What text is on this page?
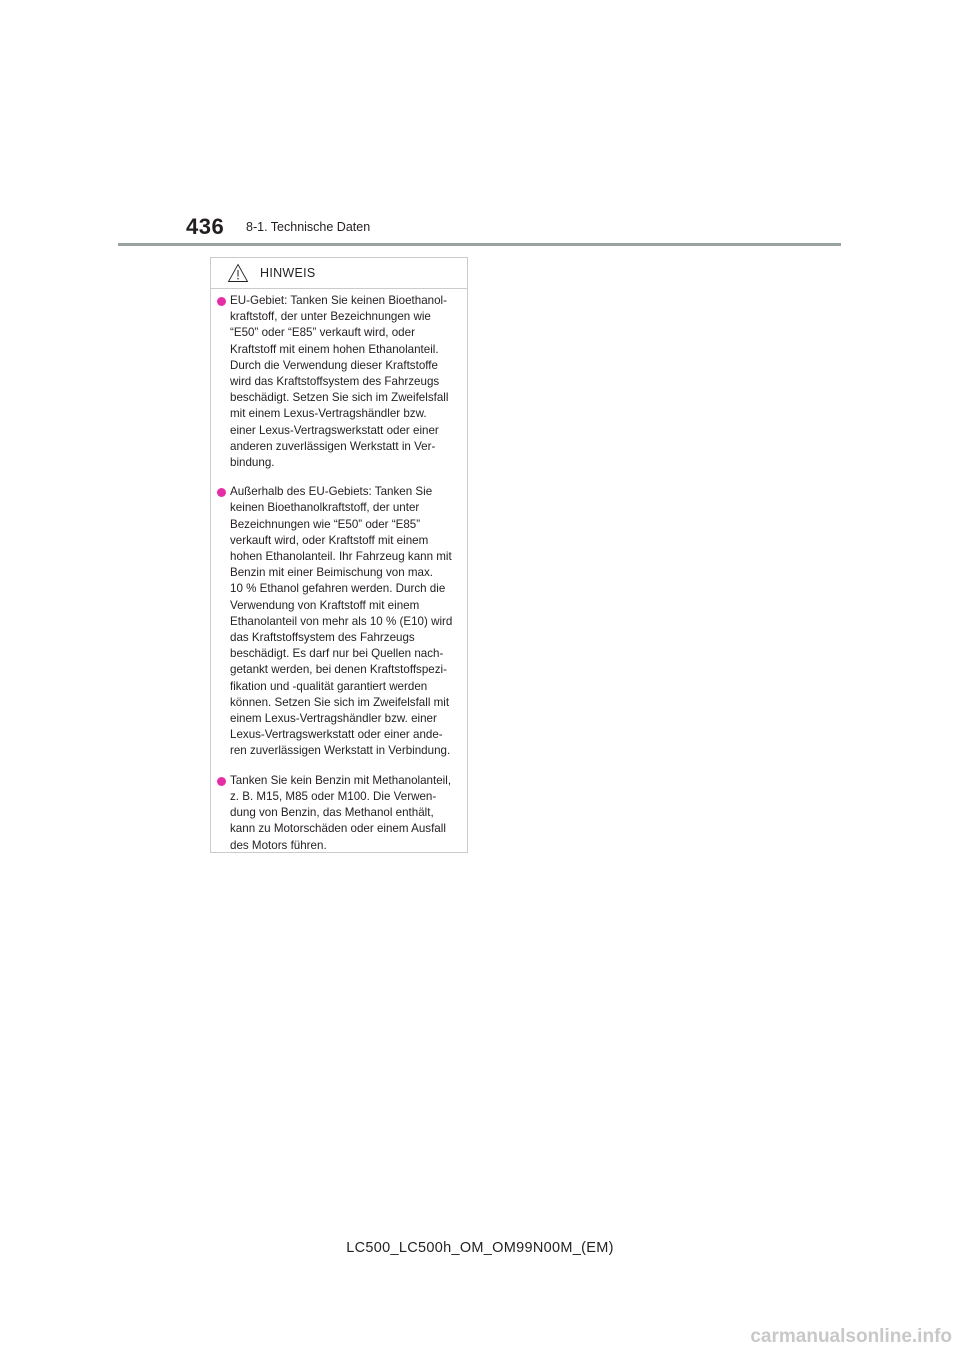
436 8-1. Technische Daten
HINWEIS
EU-Gebiet: Tanken Sie keinen Bioethanol-
kraftstoff, der unter Bezeichnungen wie
“E50” oder “E85” verkauft wird, oder
Kraftstoff mit einem hohen Ethanolanteil.
Durch die Verwendung dieser Kraftstoffe
wird das Kraftstoffsystem des Fahrzeugs
beschädigt. Setzen Sie sich im Zweifelsfall
mit einem Lexus-Vertragshändler bzw.
einer Lexus-Vertragswerkstatt oder einer
anderen zuverlässigen Werkstatt in Ver-
bindung.
Außerhalb des EU-Gebiets: Tanken Sie
keinen Bioethanolkraftstoff, der unter
Bezeichnungen wie “E50” oder “E85”
verkauft wird, oder Kraftstoff mit einem
hohen Ethanolanteil. Ihr Fahrzeug kann mit
Benzin mit einer Beimischung von max.
10 % Ethanol gefahren werden. Durch die
Verwendung von Kraftstoff mit einem
Ethanolanteil von mehr als 10 % (E10) wird
das Kraftstoffsystem des Fahrzeugs
beschädigt. Es darf nur bei Quellen nach-
getankt werden, bei denen Kraftstoffspezi-
fikation und -qualität garantiert werden
können. Setzen Sie sich im Zweifelsfall mit
einem Lexus-Vertragshändler bzw. einer
Lexus-Vertragswerkstatt oder einer ande-
ren zuverlässigen Werkstatt in Verbindung.
Tanken Sie kein Benzin mit Methanolanteil,
z. B. M15, M85 oder M100. Die Verwen-
dung von Benzin, das Methanol enthält,
kann zu Motorschäden oder einem Ausfall
des Motors führen.
LC500_LC500h_OM_OM99N00M_(EM)
carmanualsonline.info
